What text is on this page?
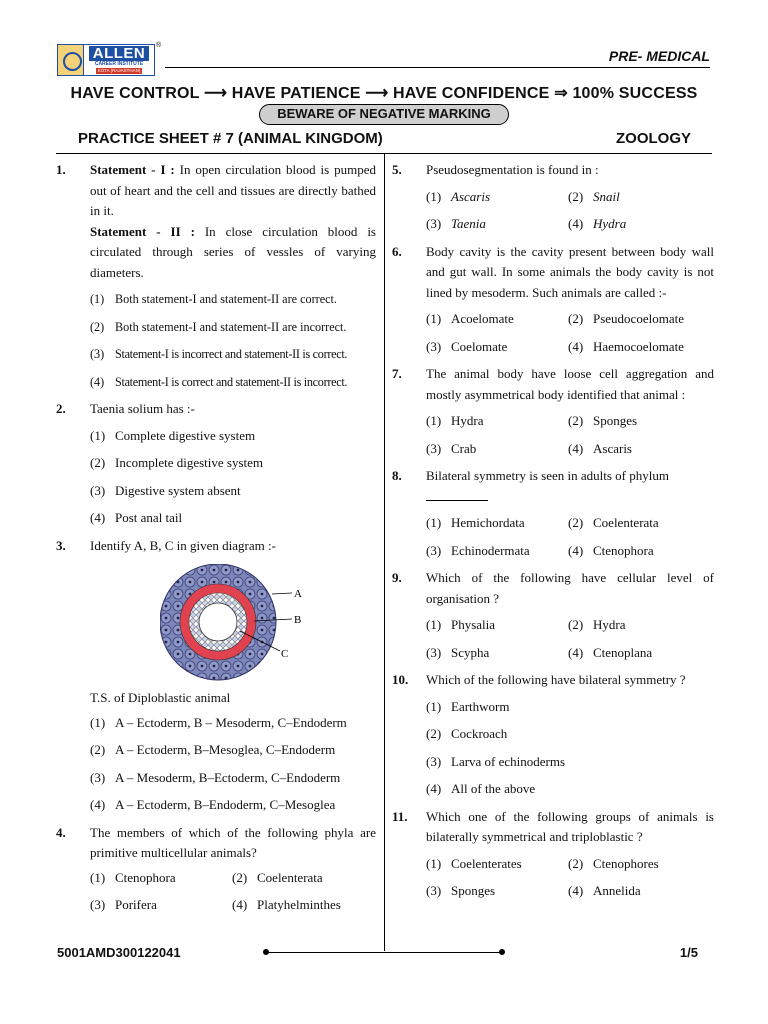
ALLEN
CAREER INSTITUTE
KOTA (RAJASTHAN)
®
PRE- MEDICAL
HAVE CONTROL ⟶ HAVE PATIENCE ⟶ HAVE CONFIDENCE ⇒ 100% SUCCESS
BEWARE OF NEGATIVE MARKING
PRACTICE SHEET # 7 (ANIMAL KINGDOM)	ZOOLOGY
1. Statement - I : In open circulation blood is pumped out of heart and the cell and tissues are directly bathed in it.
Statement - II : In close circulation blood is circulated through series of vessles of varying diameters.
(1) Both statement-I and statement-II are correct.
(2) Both statement-I and statement-II are incorrect.
(3) Statement-I is incorrect and statement-II is correct.
(4) Statement-I is correct and statement-II is incorrect.
2. Taenia solium has :-
(1) Complete digestive system
(2) Incomplete digestive system
(3) Digestive system absent
(4) Post anal tail
3. Identify A, B, C in given diagram :-
A
B
C
T.S. of Diploblastic animal
(1) A – Ectoderm, B – Mesoderm, C–Endoderm
(2) A – Ectoderm, B–Mesoglea, C–Endoderm
(3) A – Mesoderm, B–Ectoderm, C–Endoderm
(4) A – Ectoderm, B–Endoderm, C–Mesoglea
4. The members of which of the following phyla are primitive multicellular animals?
(1) Ctenophora	(2) Coelenterata
(3) Porifera	(4) Platyhelminthes
5. Pseudosegmentation is found in :
(1) Ascaris	(2) Snail
(3) Taenia	(4) Hydra
6. Body cavity is the cavity present between body wall and gut wall. In some animals the body cavity is not lined by mesoderm. Such animals are called :-
(1) Acoelomate	(2) Pseudocoelomate
(3) Coelomate	(4) Haemocoelomate
7. The animal body have loose cell aggregation and mostly asymmetrical body identified that animal :
(1) Hydra	(2) Sponges
(3) Crab	(4) Ascaris
8. Bilateral symmetry is seen in adults of phylum

(1) Hemichordata	(2) Coelenterata
(3) Echinodermata	(4) Ctenophora
9. Which of the following have cellular level of organisation ?
(1) Physalia	(2) Hydra
(3) Scypha	(4) Ctenoplana
10. Which of the following have bilateral symmetry ?
(1) Earthworm
(2) Cockroach
(3) Larva of echinoderms
(4) All of the above
11. Which one of the following groups of animals is bilaterally symmetrical and triploblastic ?
(1) Coelenterates	(2) Ctenophores
(3) Sponges	(4) Annelida
5001AMD300122041	1/5
